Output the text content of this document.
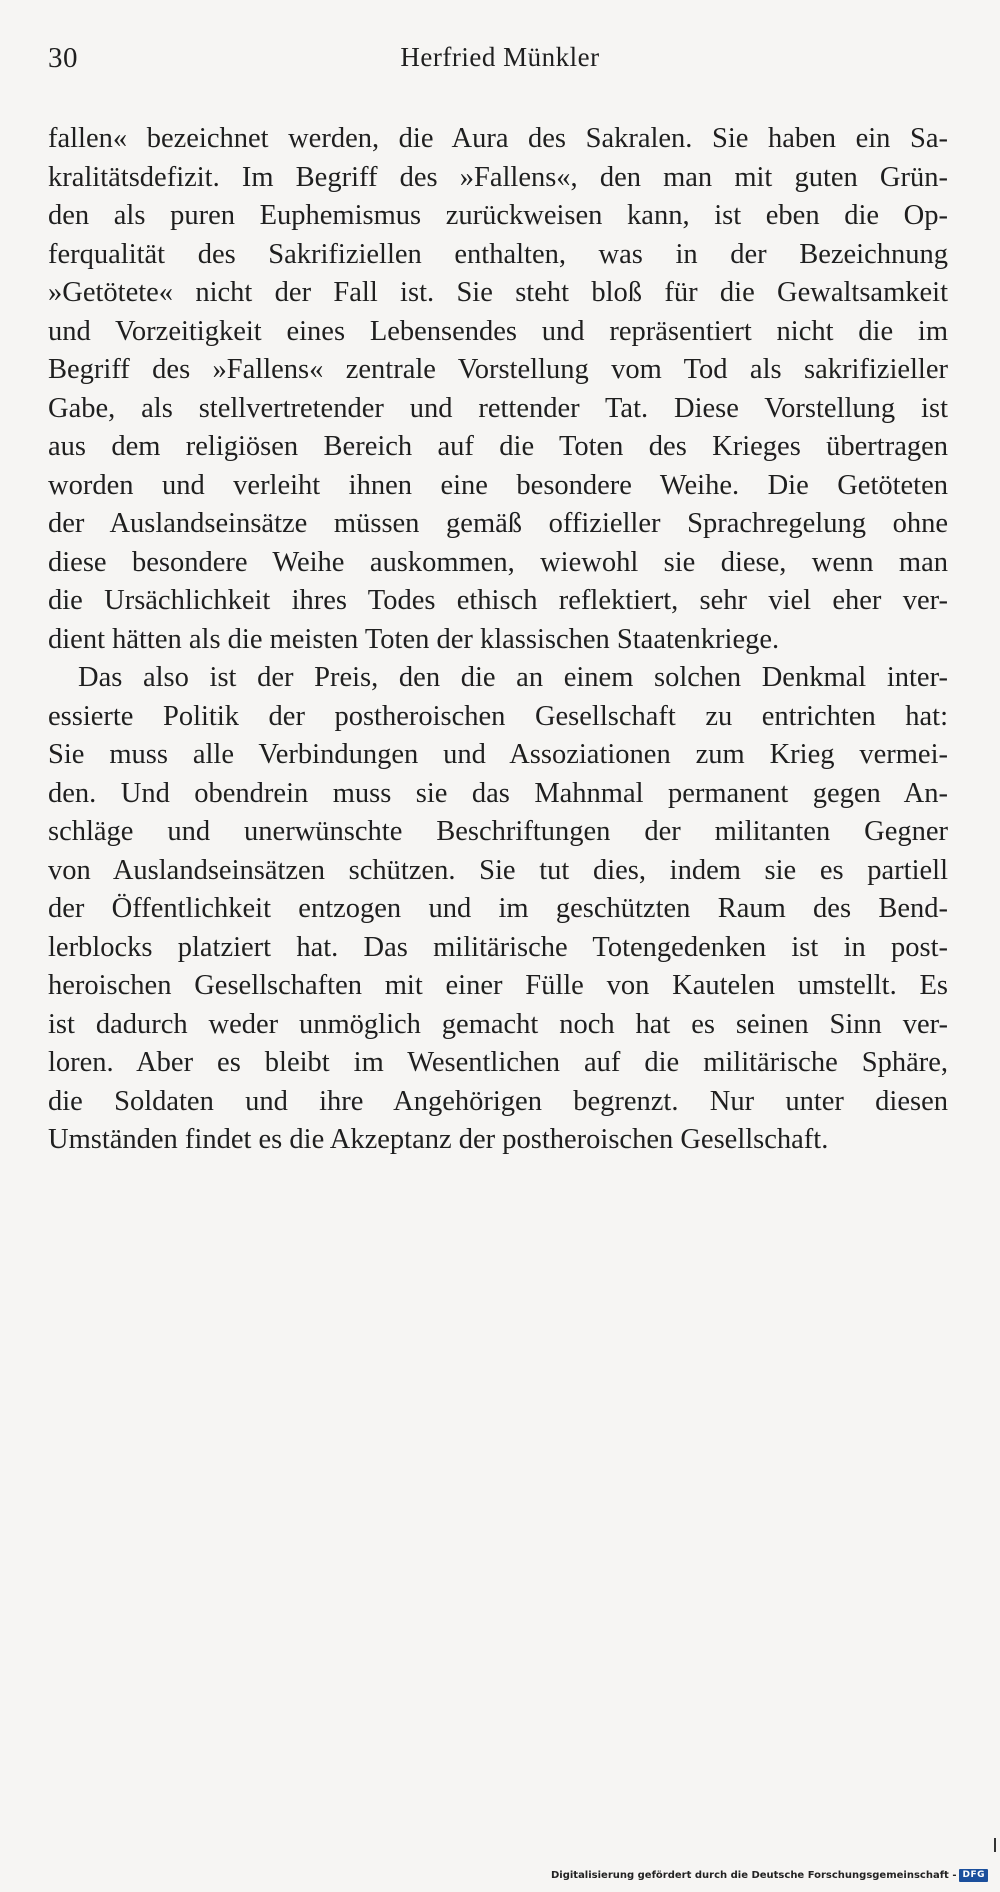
30	Herfried Münkler
fallen« bezeichnet werden, die Aura des Sakralen. Sie haben ein Sa-
kralitätsdefizit. Im Begriff des »Fallens«, den man mit guten Grün-
den als puren Euphemismus zurückweisen kann, ist eben die Op-
ferqualität des Sakrifiziellen enthalten, was in der Bezeichnung
»Getötete« nicht der Fall ist. Sie steht bloß für die Gewaltsamkeit
und Vorzeitigkeit eines Lebensendes und repräsentiert nicht die im
Begriff des »Fallens« zentrale Vorstellung vom Tod als sakrifizieller
Gabe, als stellvertretender und rettender Tat. Diese Vorstellung ist
aus dem religiösen Bereich auf die Toten des Krieges übertragen
worden und verleiht ihnen eine besondere Weihe. Die Getöteten
der Auslandseinsätze müssen gemäß offizieller Sprachregelung ohne
diese besondere Weihe auskommen, wiewohl sie diese, wenn man
die Ursächlichkeit ihres Todes ethisch reflektiert, sehr viel eher ver-
dient hätten als die meisten Toten der klassischen Staatenkriege.
Das also ist der Preis, den die an einem solchen Denkmal inter-
essierte Politik der postheroischen Gesellschaft zu entrichten hat:
Sie muss alle Verbindungen und Assoziationen zum Krieg vermei-
den. Und obendrein muss sie das Mahnmal permanent gegen An-
schläge und unerwünschte Beschriftungen der militanten Gegner
von Auslandseinsätzen schützen. Sie tut dies, indem sie es partiell
der Öffentlichkeit entzogen und im geschützten Raum des Bend-
lerblocks platziert hat. Das militärische Totengedenken ist in post-
heroischen Gesellschaften mit einer Fülle von Kautelen umstellt. Es
ist dadurch weder unmöglich gemacht noch hat es seinen Sinn ver-
loren. Aber es bleibt im Wesentlichen auf die militärische Sphäre,
die Soldaten und ihre Angehörigen begrenzt. Nur unter diesen
Umständen findet es die Akzeptanz der postheroischen Gesellschaft.
Digitalisierung gefördert durch die Deutsche Forschungsgemeinschaft - DFG
